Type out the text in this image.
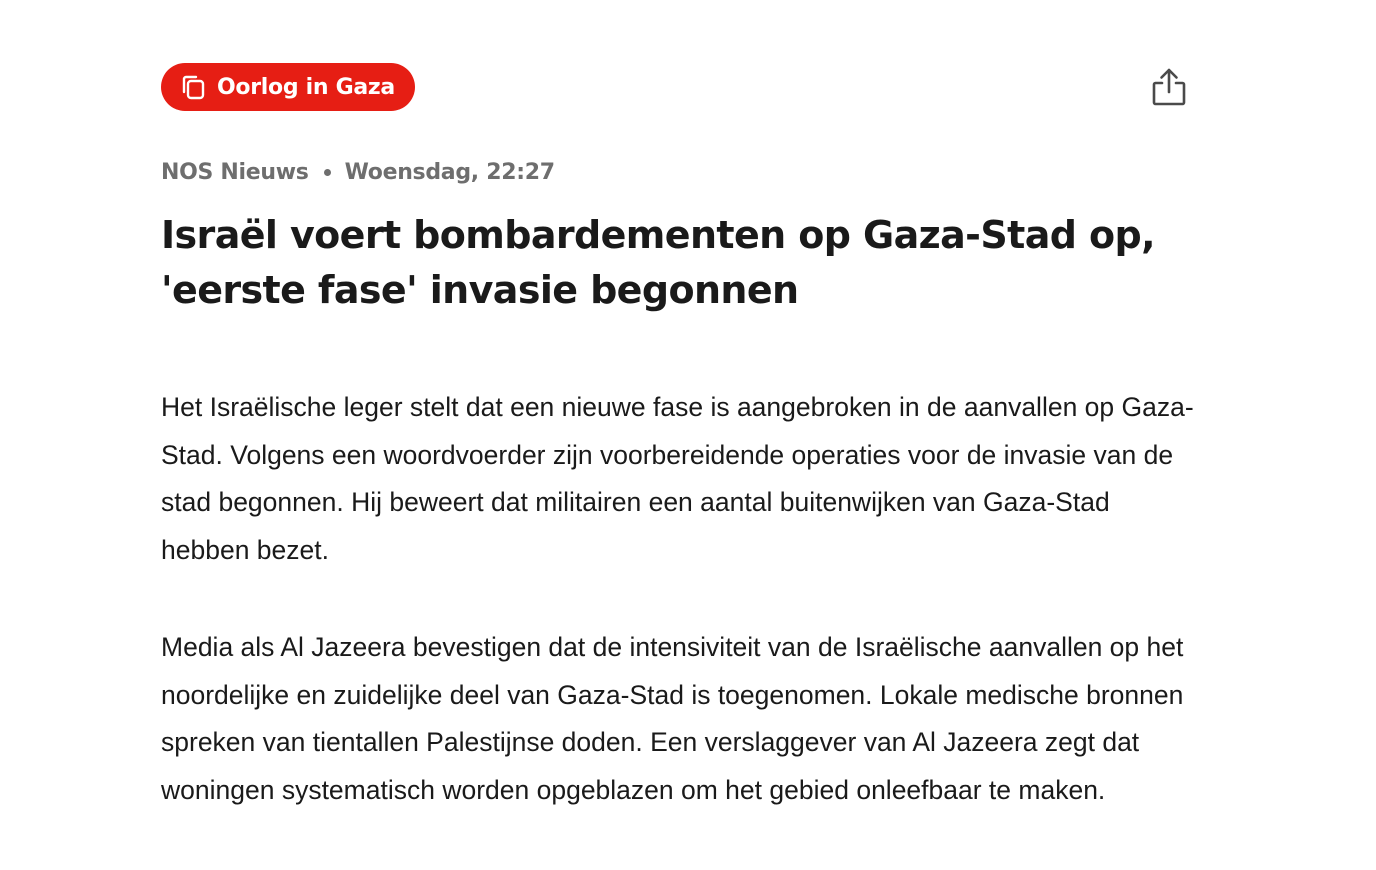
Oorlog in Gaza
NOS Nieuws Woensdag, 22:27
Israël voert bombardementen op Gaza-Stad op, 'eerste fase' invasie begonnen

Het Israëlische leger stelt dat een nieuwe fase is aangebroken in de aanvallen op Gaza-Stad. Volgens een woordvoerder zijn voorbereidende operaties voor de invasie van de stad begonnen. Hij beweert dat militairen een aantal buitenwijken van Gaza-Stad hebben bezet.

Media als Al Jazeera bevestigen dat de intensiviteit van de Israëlische aanvallen op het noordelijke en zuidelijke deel van Gaza-Stad is toegenomen. Lokale medische bronnen spreken van tientallen Palestijnse doden. Een verslaggever van Al Jazeera zegt dat woningen systematisch worden opgeblazen om het gebied onleefbaar te maken.
